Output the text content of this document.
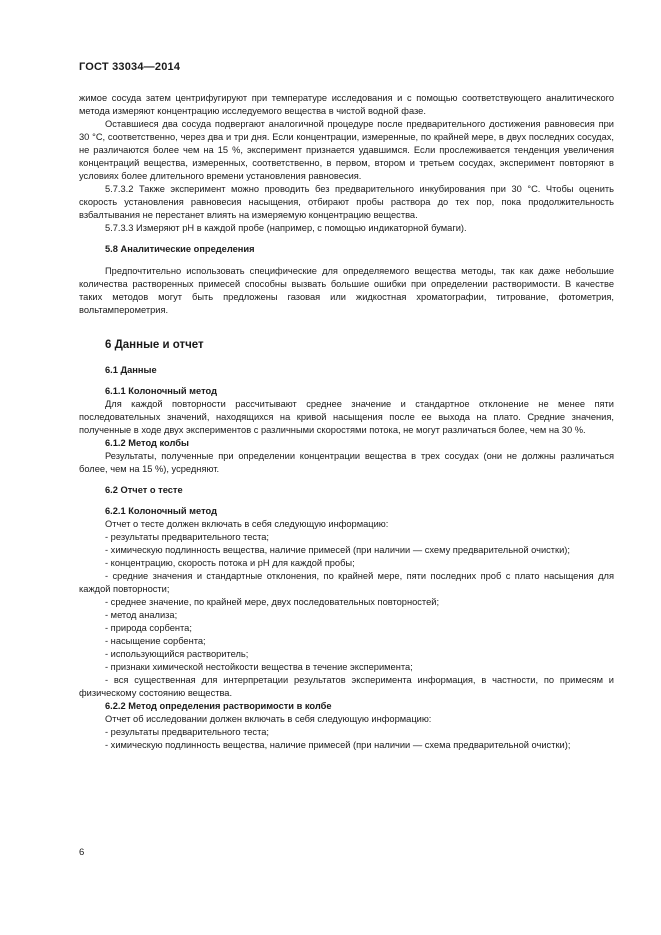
ГОСТ 33034—2014

жимое сосуда затем центрифугируют при температуре исследования и с помощью соответствующего аналитического метода измеряют концентрацию исследуемого вещества в чистой водной фазе.

Оставшиеся два сосуда подвергают аналогичной процедуре после предварительного достижения равновесия при 30 °С, соответственно, через два и три дня. Если концентрации, измеренные, по крайней мере, в двух последних сосудах, не различаются более чем на 15 %, эксперимент признается удавшимся. Если прослеживается тенденция увеличения концентраций вещества, измеренных, соответственно, в первом, втором и третьем сосудах, эксперимент повторяют в условиях более длительного времени установления равновесия.

5.7.3.2 Также эксперимент можно проводить без предварительного инкубирования при 30 °С. Чтобы оценить скорость установления равновесия насыщения, отбирают пробы раствора до тех пор, пока продолжительность взбалтывания не перестанет влиять на измеряемую концентрацию вещества.

5.7.3.3 Измеряют рН в каждой пробе (например, с помощью индикаторной бумаги).

5.8 Аналитические определения

Предпочтительно использовать специфические для определяемого вещества методы, так как даже небольшие количества растворенных примесей способны вызвать большие ошибки при определении растворимости. В качестве таких методов могут быть предложены газовая или жидкостная хроматографии, титрование, фотометрия, вольтамперометрия.

6 Данные и отчет

6.1 Данные

6.1.1 Колоночный метод

Для каждой повторности рассчитывают среднее значение и стандартное отклонение не менее пяти последовательных значений, находящихся на кривой насыщения после ее выхода на плато. Средние значения, полученные в ходе двух экспериментов с различными скоростями потока, не могут различаться более, чем на 30 %.

6.1.2 Метод колбы

Результаты, полученные при определении концентрации вещества в трех сосудах (они не должны различаться более, чем на 15 %), усредняют.

6.2 Отчет о тесте

6.2.1 Колоночный метод

Отчет о тесте должен включать в себя следующую информацию:

- результаты предварительного теста;

- химическую подлинность вещества, наличие примесей (при наличии — схему предварительной очистки);

- концентрацию, скорость потока и рН для каждой пробы;

- средние значения и стандартные отклонения, по крайней мере, пяти последних проб с плато насыщения для каждой повторности;

- среднее значение, по крайней мере, двух последовательных повторностей;

- метод анализа;

- природа сорбента;

- насыщение сорбента;

- использующийся растворитель;

- признаки химической нестойкости вещества в течение эксперимента;

- вся существенная для интерпретации результатов эксперимента информация, в частности, по примесям и физическому состоянию вещества.

6.2.2 Метод определения растворимости в колбе

Отчет об исследовании должен включать в себя следующую информацию:

- результаты предварительного теста;

- химическую подлинность вещества, наличие примесей (при наличии — схема предварительной очистки);

6
